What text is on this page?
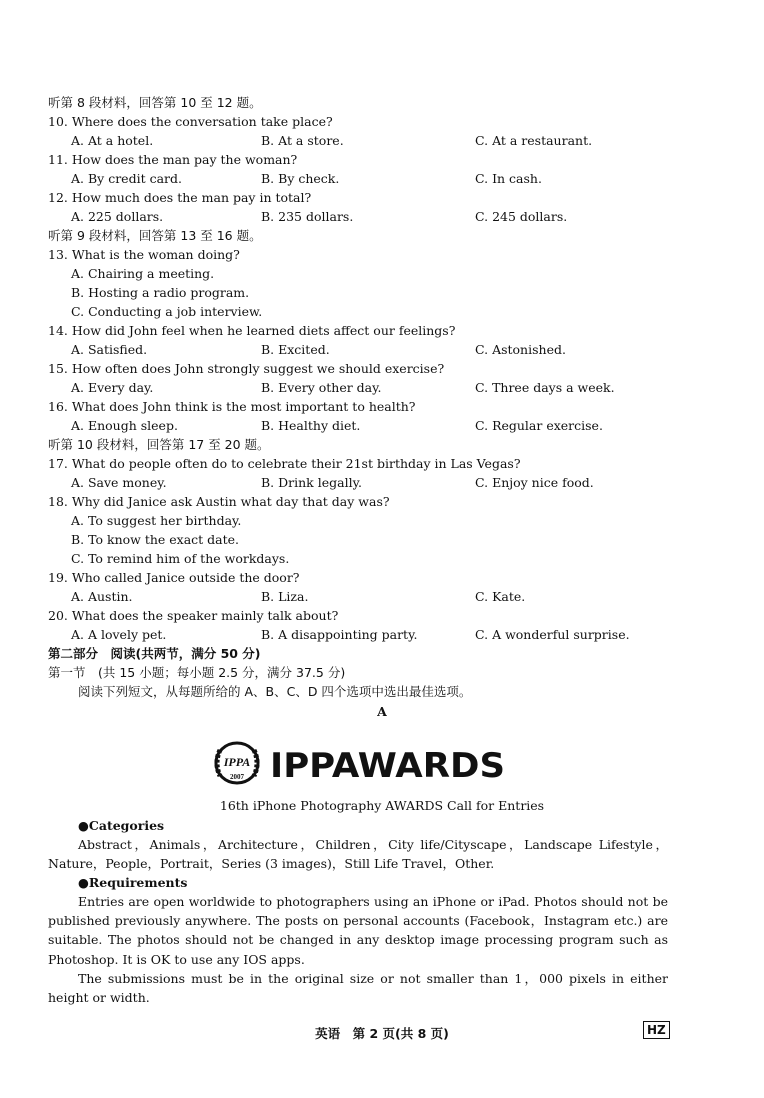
听第 8 段材料，回答第 10 至 12 题。
10. Where does the conversation take place?
A. At a hotel.	B. At a store.	C. At a restaurant.
11. How does the man pay the woman?
A. By credit card.	B. By check.	C. In cash.
12. How much does the man pay in total?
A. 225 dollars.	B. 235 dollars.	C. 245 dollars.
听第 9 段材料，回答第 13 至 16 题。
13. What is the woman doing?
A. Chairing a meeting.
B. Hosting a radio program.
C. Conducting a job interview.
14. How did John feel when he learned diets affect our feelings?
A. Satisfied.	B. Excited.	C. Astonished.
15. How often does John strongly suggest we should exercise?
A. Every day.	B. Every other day.	C. Three days a week.
16. What does John think is the most important to health?
A. Enough sleep.	B. Healthy diet.	C. Regular exercise.
听第 10 段材料，回答第 17 至 20 题。
17. What do people often do to celebrate their 21st birthday in Las Vegas?
A. Save money.	B. Drink legally.	C. Enjoy nice food.
18. Why did Janice ask Austin what day that day was?
A. To suggest her birthday.
B. To know the exact date.
C. To remind him of the workdays.
19. Who called Janice outside the door?
A. Austin.	B. Liza.	C. Kate.
20. What does the speaker mainly talk about?
A. A lovely pet.	B. A disappointing party.	C. A wonderful surprise.
第二部分　阅读(共两节，满分 50 分)
第一节　(共 15 小题；每小题 2.5 分，满分 37.5 分)
阅读下列短文，从每题所给的 A、B、C、D 四个选项中选出最佳选项。
A
IPPA
2007 IPPAWARDS
16th iPhone Photography AWARDS Call for Entries
●Categories
Abstract，Animals，Architecture，Children，City life/Cityscape，Landscape Lifestyle，Nature，People，Portrait，Series (3 images)，Still Life Travel，Other.
●Requirements
Entries are open worldwide to photographers using an iPhone or iPad. Photos should not be published previously anywhere. The posts on personal accounts (Facebook，Instagram etc.) are suitable. The photos should not be changed in any desktop image processing program such as Photoshop. It is OK to use any IOS apps.
The submissions must be in the original size or not smaller than 1，000 pixels in either height or width.
英语　第 2 页(共 8 页)	HZ
